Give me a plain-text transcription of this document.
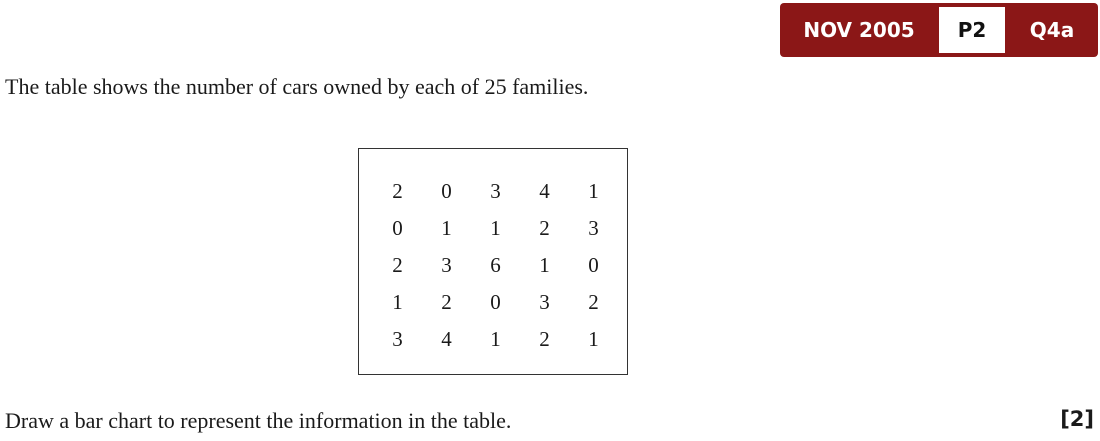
NOV 2005	P2	Q4a
The table shows the number of cars owned by each of 25 families.
2	0	3	4	1
0	1	1	2	3
2	3	6	1	0
1	2	0	3	2
3	4	1	2	1
Draw a bar chart to represent the information in the table.	[2]
